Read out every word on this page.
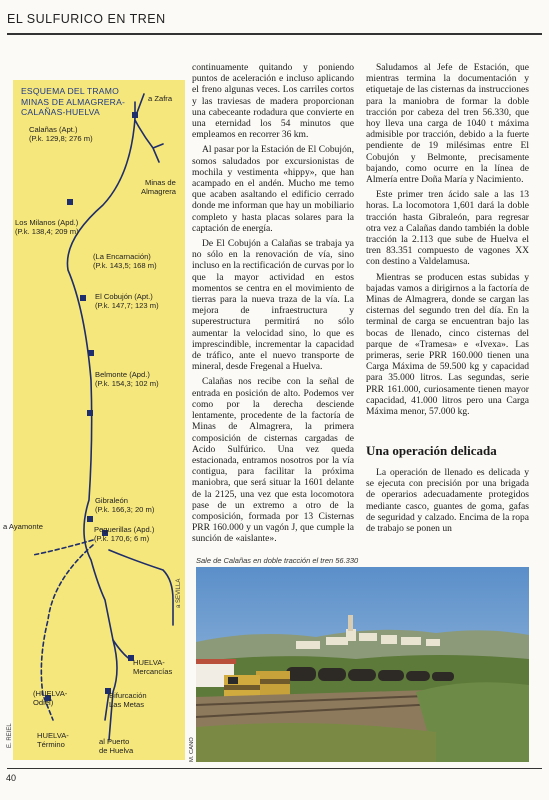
EL SULFURICO EN TREN
ESQUEMA DEL TRAMO
MINAS DE ALMAGRERA-
CALAÑAS-HUELVA
a Zafra
Calañas (Apt.)
(P.k. 129,8; 276 m)
Minas de
Almagrera
Los Milanos (Apd.)
(P.k. 138,4; 209 m)
(La Encarnación)
(P.k. 143,5; 168 m)
El Cobujón (Apt.)
(P.k. 147,7; 123 m)
Belmonte (Apd.)
(P.k. 154,3; 102 m)
Gibraleón
(P.k. 166,3; 20 m)
a Ayamonte	Peguerillas (Apd.)
(P.k. 170,6; 6 m)
a SEVILLA
HUELVA-
Mercancías
(HUELVA-
Odiel)
Bifurcación
Las Metas
HUELVA-
Término	al Puerto
de Huelva
E. REIEL

continuamente quitando y poniendo puntos de aceleración e incluso aplicando el freno algunas veces. Los carriles cortos y las traviesas de madera proporcionan una cabeceante rodadura que convierte en una eternidad los 54 minutos que empleamos en recorrer 36 km.

Al pasar por la Estación de El Cobujón, somos saludados por excursionistas de mochila y vestimenta «hippy», que han acampado en el andén. Mucho me temo que acaben asaltando el edificio cerrado donde me informan que hay un mobiliario completo y hasta placas solares para la captación de energía.

De El Cobujón a Calañas se trabaja ya no sólo en la renovación de vía, sino incluso en la rectificación de curvas por lo que la mayor actividad en estos momentos se centra en el movimiento de tierras para la nueva traza de la vía. La mejora de infraestructura y superestructura permitirá no sólo aumentar la velocidad sino, lo que es imprescindible, incrementar la capacidad de tráfico, ante el nuevo transporte de mineral, desde Fregenal a Huelva.

Calañas nos recibe con la señal de entrada en posición de alto. Podemos ver como por la derecha desciende lentamente, procedente de la factoría de Minas de Almagrera, la primera composición de cisternas cargadas de Acido Sulfúrico. Una vez queda estacionada, entramos nosotros por la vía contigua, para facilitar la próxima maniobra, que será situar la 1601 delante de la 2125, una vez que esta locomotora pase de un extremo a otro de la composición, formada por 13 Cisternas PRR 160.000 y un vagón J, que cumple la sunción de «aislante».

Saludamos al Jefe de Estación, que mientras termina la documentación y etiquetaje de las cisternas da instrucciones para la maniobra de formar la doble tracción por cabeza del tren 56.330, que hoy lleva una carga de 1040 t máxima admisible por tracción, debido a la fuerte pendiente de 19 milésimas entre El Cobujón y Belmonte, precisamente bajando, como ocurre en la línea de Almería entre Doña María y Nacimiento.

Este primer tren ácido sale a las 13 horas. La locomotora 1,601 dará la doble tracción hasta Gibraleón, para regresar otra vez a Calañas dando también la doble tracción la 2.113 que sube de Huelva el tren 83.351 compuesto de vagones XX con destino a Valdelamusa.

Mientras se producen estas subidas y bajadas vamos a dirigirnos a la factoría de Minas de Almagrera, donde se cargan las cisternas del segundo tren del día. En la terminal de carga se encuentran bajo las bocas de llenado, cinco cisternas del parque de «Tramesa» e «Ivexa». Las primeras, serie PRR 160.000 tienen una Carga Máxima de 59.500 kg y capacidad para 35.000 litros. Las segundas, serie PRR 161.000, curiosamente tienen mayor capacidad, 41.000 litros pero una Carga Máxima menor, 57.000 kg.

Una operación delicada

La operación de llenado es delicada y se ejecuta con precisión por una brigada de operarios adecuadamente protegidos mediante casco, guantes de goma, gafas de seguridad y calzado. Encima de la ropa de trabajo se ponen un

Sale de Calañas en doble tracción el tren 56.330
M. CANO
40
